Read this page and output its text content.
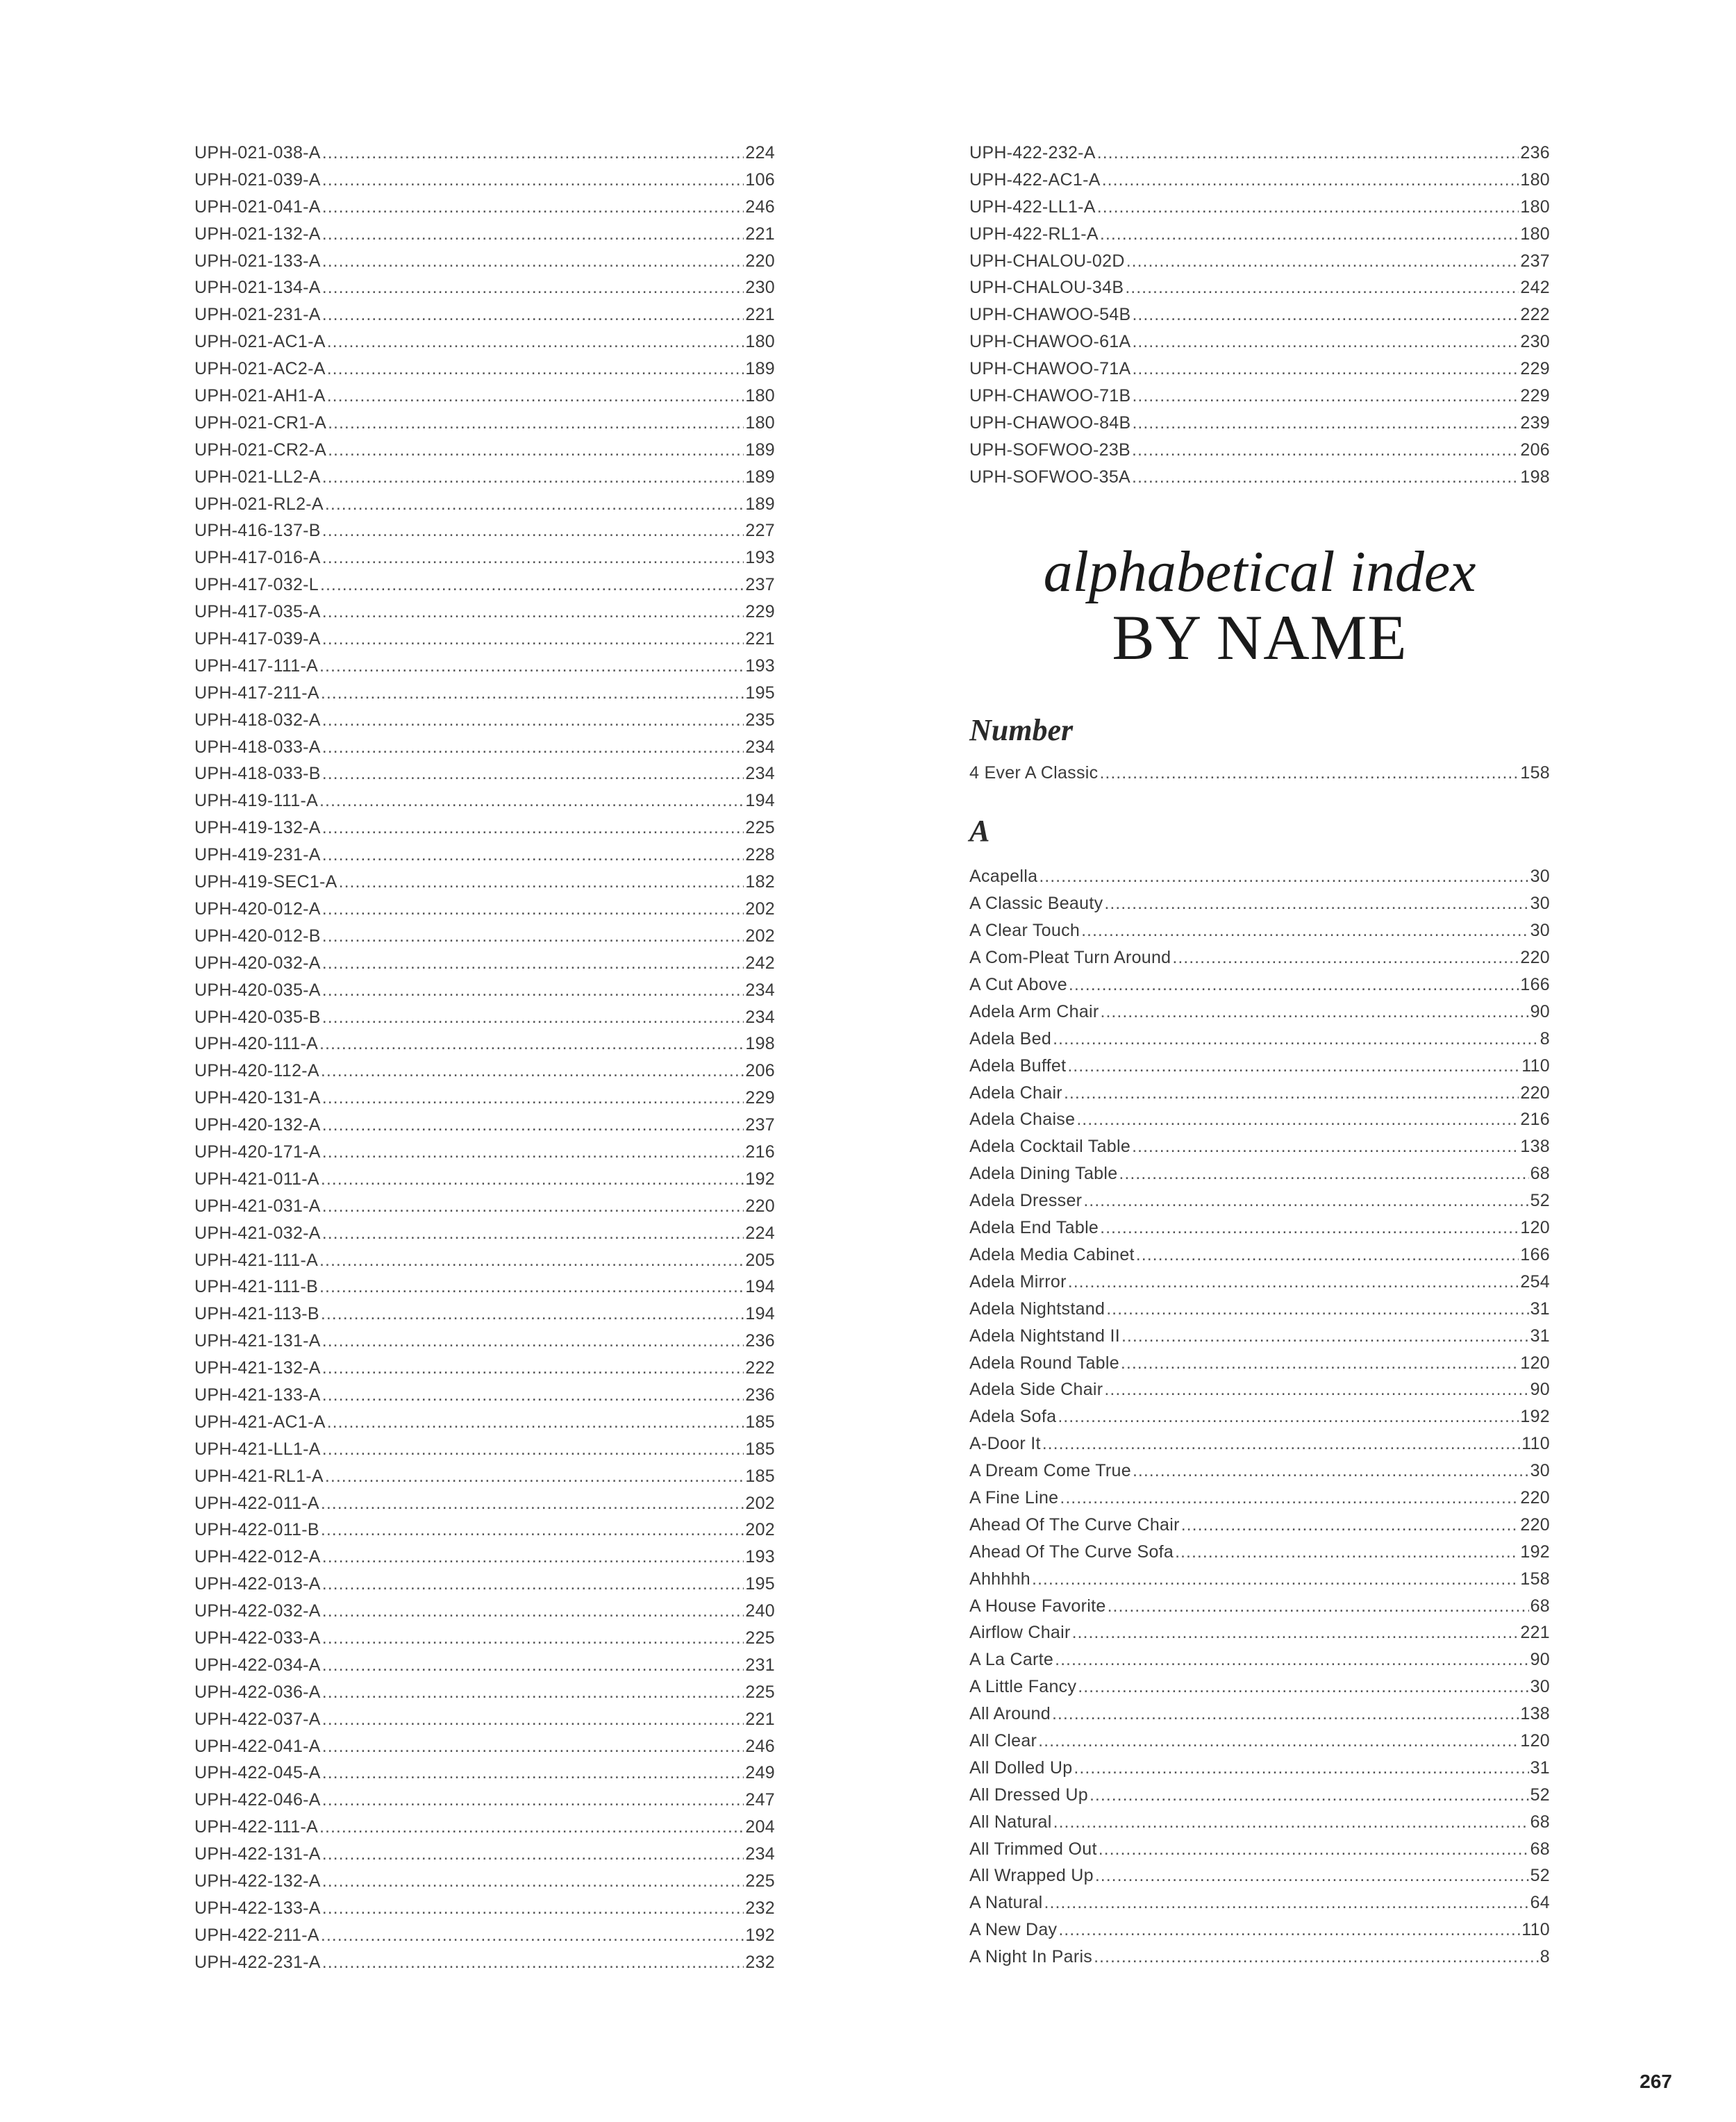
UPH-021-038-A .....	224
UPH-021-039-A .....	106
UPH-021-041-A .....	246
UPH-021-132-A .....	221
UPH-021-133-A .....	220
UPH-021-134-A .....	230
UPH-021-231-A .....	221
UPH-021-AC1-A .....	180
UPH-021-AC2-A .....	189
UPH-021-AH1-A .....	180
UPH-021-CR1-A .....	180
UPH-021-CR2-A .....	189
UPH-021-LL2-A .....	189
UPH-021-RL2-A .....	189
UPH-416-137-B .....	227
UPH-417-016-A .....	193
UPH-417-032-L .....	237
UPH-417-035-A .....	229
UPH-417-039-A .....	221
UPH-417-111-A .....	193
UPH-417-211-A .....	195
UPH-418-032-A .....	235
UPH-418-033-A .....	234
UPH-418-033-B .....	234
UPH-419-111-A .....	194
UPH-419-132-A .....	225
UPH-419-231-A .....	228
UPH-419-SEC1-A .....	182
UPH-420-012-A .....	202
UPH-420-012-B .....	202
UPH-420-032-A .....	242
UPH-420-035-A .....	234
UPH-420-035-B .....	234
UPH-420-111-A .....	198
UPH-420-112-A .....	206
UPH-420-131-A .....	229
UPH-420-132-A .....	237
UPH-420-171-A .....	216
UPH-421-011-A .....	192
UPH-421-031-A .....	220
UPH-421-032-A .....	224
UPH-421-111-A .....	205
UPH-421-111-B .....	194
UPH-421-113-B .....	194
UPH-421-131-A .....	236
UPH-421-132-A .....	222
UPH-421-133-A .....	236
UPH-421-AC1-A .....	185
UPH-421-LL1-A .....	185
UPH-421-RL1-A .....	185
UPH-422-011-A .....	202
UPH-422-011-B .....	202
UPH-422-012-A .....	193
UPH-422-013-A .....	195
UPH-422-032-A .....	240
UPH-422-033-A .....	225
UPH-422-034-A .....	231
UPH-422-036-A .....	225
UPH-422-037-A .....	221
UPH-422-041-A .....	246
UPH-422-045-A .....	249
UPH-422-046-A .....	247
UPH-422-111-A .....	204
UPH-422-131-A .....	234
UPH-422-132-A .....	225
UPH-422-133-A .....	232
UPH-422-211-A .....	192
UPH-422-231-A .....	232
UPH-422-232-A .....	236
UPH-422-AC1-A .....	180
UPH-422-LL1-A .....	180
UPH-422-RL1-A .....	180
UPH-CHALOU-02D .....	237
UPH-CHALOU-34B .....	242
UPH-CHAWOO-54B .....	222
UPH-CHAWOO-61A .....	230
UPH-CHAWOO-71A .....	229
UPH-CHAWOO-71B .....	229
UPH-CHAWOO-84B .....	239
UPH-SOFWOO-23B .....	206
UPH-SOFWOO-35A .....	198
alphabetical index
BY NAME
Number
4 Ever A Classic .....	158
A
Acapella .....	30
A Classic Beauty .....	30
A Clear Touch .....	30
A Com-Pleat Turn Around .....	220
A Cut Above .....	166
Adela Arm Chair .....	90
Adela Bed .....	8
Adela Buffet .....	110
Adela Chair .....	220
Adela Chaise .....	216
Adela Cocktail Table .....	138
Adela Dining Table .....	68
Adela Dresser .....	52
Adela End Table .....	120
Adela Media Cabinet .....	166
Adela Mirror .....	254
Adela Nightstand .....	31
Adela Nightstand II .....	31
Adela Round Table .....	120
Adela Side Chair .....	90
Adela Sofa .....	192
A-Door It .....	110
A Dream Come True .....	30
A Fine Line .....	220
Ahead Of The Curve Chair .....	220
Ahead Of The Curve Sofa .....	192
Ahhhhh .....	158
A House Favorite .....	68
Airflow Chair .....	221
A La Carte .....	90
A Little Fancy .....	30
All Around .....	138
All Clear .....	120
All Dolled Up .....	31
All Dressed Up .....	52
All Natural .....	68
All Trimmed Out .....	68
All Wrapped Up .....	52
A Natural .....	64
A New Day .....	110
A Night In Paris .....	8
267
